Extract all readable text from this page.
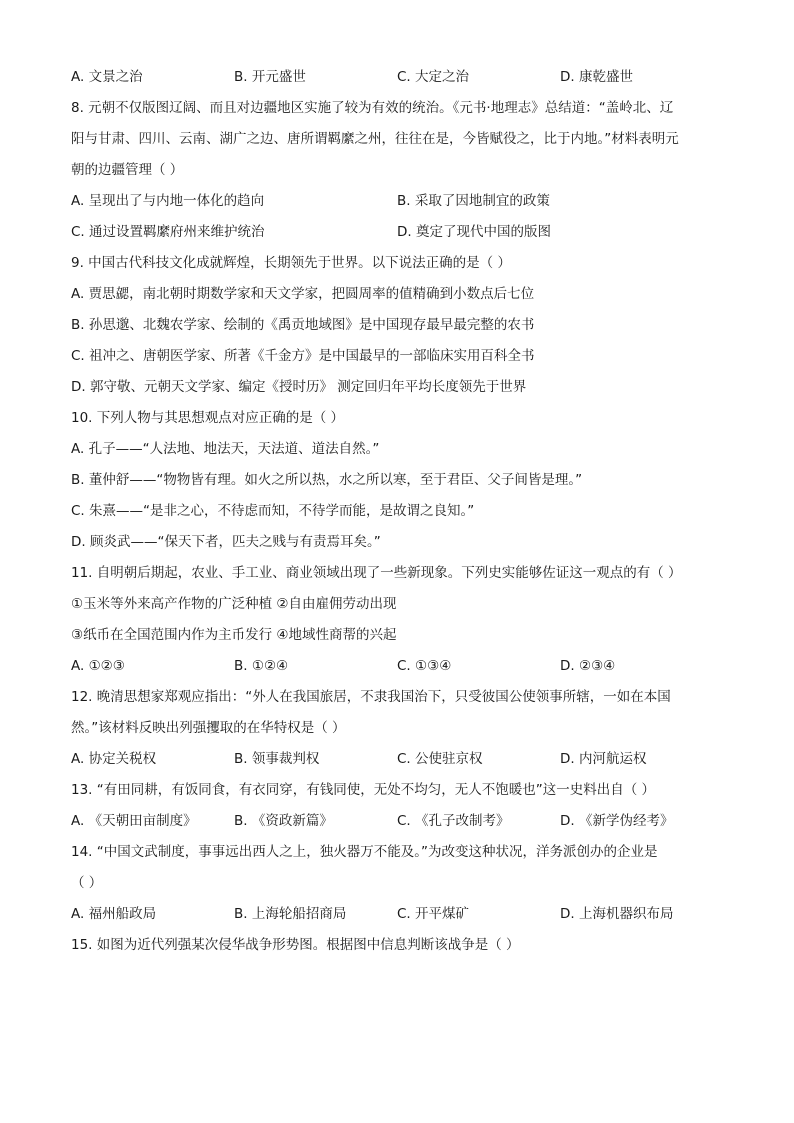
A. 文景之治	B. 开元盛世	C. 大定之治	D. 康乾盛世
8. 元朝不仅版图辽阔、而且对边疆地区实施了较为有效的统治。《元书·地理志》总结道：“盖岭北、辽
阳与甘肃、四川、云南、湖广之边、唐所谓羁縻之州，往往在是，今皆赋役之，比于内地。”材料表明元
朝的边疆管理（ ）
A. 呈现出了与内地一体化的趋向	B. 采取了因地制宜的政策
C. 通过设置羁縻府州来维护统治	D. 奠定了现代中国的版图
9. 中国古代科技文化成就辉煌，长期领先于世界。以下说法正确的是（ ）
A. 贾思勰，南北朝时期数学家和天文学家，把圆周率的值精确到小数点后七位
B. 孙思邈、北魏农学家、绘制的《禹贡地域图》是中国现存最早最完整的农书
C. 祖冲之、唐朝医学家、所著《千金方》是中国最早的一部临床实用百科全书
D. 郭守敬、元朝天文学家、编定《授时历》 测定回归年平均长度领先于世界
10. 下列人物与其思想观点对应正确的是（ ）
A. 孔子——“人法地、地法天，天法道、道法自然。”
B. 董仲舒——“物物皆有理。如火之所以热，水之所以寒，至于君臣、父子间皆是理。”
C. 朱熹——“是非之心，不待虑而知，不待学而能，是故谓之良知。”
D. 顾炎武——“保天下者，匹夫之贱与有责焉耳矣。”
11. 自明朝后期起，农业、手工业、商业领域出现了一些新现象。下列史实能够佐证这一观点的有（ ）
①玉米等外来高产作物的广泛种植 ②自由雇佣劳动出现
③纸币在全国范围内作为主币发行 ④地域性商帮的兴起
A. ①②③	B. ①②④	C. ①③④	D. ②③④
12. 晚清思想家郑观应指出：“外人在我国旅居，不隶我国治下，只受彼国公使领事所辖，一如在本国
然。”该材料反映出列强攫取的在华特权是（ ）
A. 协定关税权	B. 领事裁判权	C. 公使驻京权	D. 内河航运权
13. “有田同耕，有饭同食，有衣同穿，有钱同使，无处不均匀，无人不饱暖也”这一史料出自（ ）
A. 《天朝田亩制度》	B. 《资政新篇》	C. 《孔子改制考》	D. 《新学伪经考》
14. “中国文武制度，事事远出西人之上，独火器万不能及。”为改变这种状况，洋务派创办的企业是
（ ）
A. 福州船政局	B. 上海轮船招商局	C. 开平煤矿	D. 上海机器织布局
15. 如图为近代列强某次侵华战争形势图。根据图中信息判断该战争是（ ）
